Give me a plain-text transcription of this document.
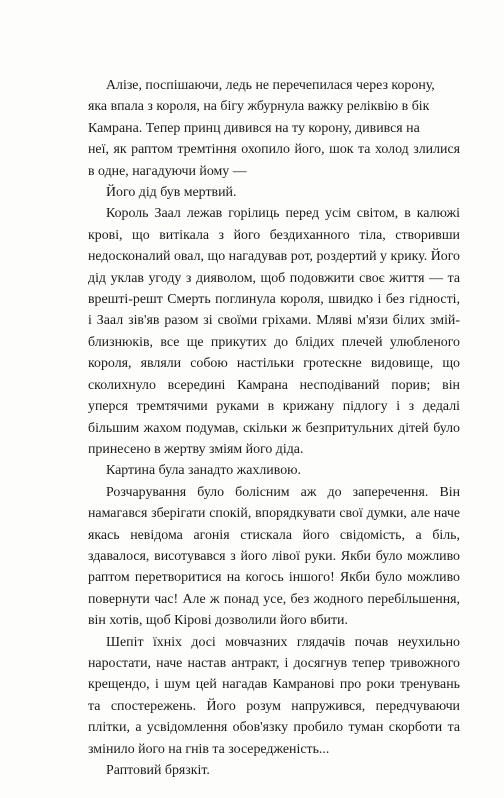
Алізе, поспішаючи, ледь не перечепилася через корону,
яка впала з короля, на бігу жбурнула важку реліквію в бік
Камрана. Тепер принц дивився на ту корону, дивився на
неї, як раптом тремтіння охопило його, шок та холод злилися в одне, нагадуючи йому —

Його дід був мертвий.

Король Заал лежав горілиць перед усім світом, в калюжі крові, що витікала з його бездиханного тіла, створивши недосконалий овал, що нагадував рот, роздертий у крику. Його дід уклав угоду з дияволом, щоб подовжити своє життя — та врешті-решт Смерть поглинула короля, швидко і без гідності, і Заал зів'яв разом зі своїми гріхами. Мляві м'язи білих змій-близнюків, все ще прикутих до блідих плечей улюбленого короля, являли собою настільки гротескне видовище, що сколихнуло всередині Камрана несподіваний порив; він уперся тремтячими руками в крижану підлогу і з дедалі більшим жахом подумав, скільки ж безпритульних дітей було принесено в жертву зміям його діда.

Картина була занадто жахливою.

Розчарування було болісним аж до заперечення. Він намагався зберігати спокій, впорядкувати свої думки, але наче якась невідома агонія стискала його свідомість, а біль, здавалося, висотувався з його лівої руки. Якби було можливо раптом перетворитися на когось іншого! Якби було можливо повернути час! Але ж понад усе, без жодного перебільшення, він хотів, щоб Кірові дозволили його вбити.

Шепіт їхніх досі мовчазних глядачів почав неухильно наростати, наче настав антракт, і досягнув тепер тривожного крещендо, і шум цей нагадав Камранові про роки тренувань та спостережень. Його розум напружився, передчуваючи плітки, а усвідомлення обов'язку пробило туман скорботи та змінило його на гнів та зосередженість...

Раптовий брязкіт.
